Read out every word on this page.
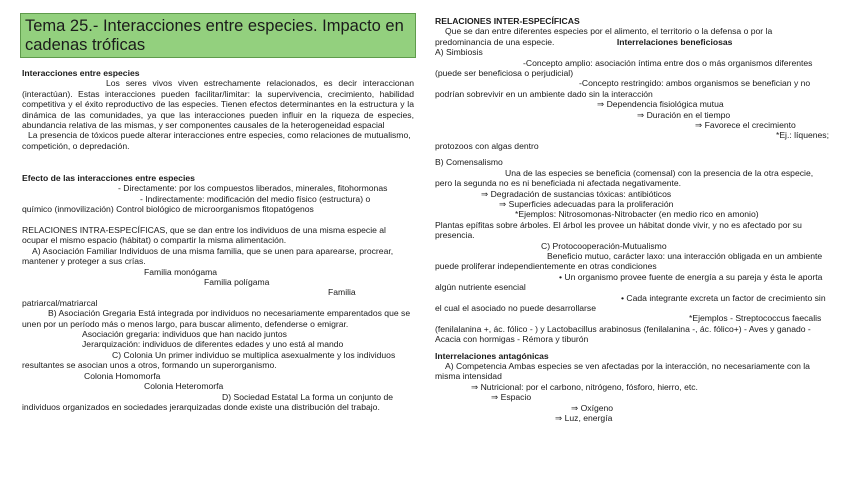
Tema 25.- Interacciones entre especies. Impacto en cadenas tróficas

Interacciones entre especies

Los seres vivos viven estrechamente relacionados, es decir interaccionan (interactúan). Estas interacciones pueden facilitar/limitar: la supervivencia, crecimiento, habilidad competitiva y el éxito reproductivo de las especies. Tienen efectos determinantes en la estructura y la dinámica de las comunidades, ya que las interacciones pueden influir en la riqueza de especies, abundancia relativa de las mismas, y ser componentes causales de la heterogeneidad espacial

La presencia de tóxicos puede alterar interacciones entre especies, como relaciones de mutualismo, competición, o depredación.

Efecto de las interacciones entre especies

- Directamente: por los compuestos liberados, minerales, fitohormonas

- Indirectamente: modificación del medio físico (estructura) o

químico (inmovilización) Control biológico de microorganismos fitopatógenos

RELACIONES INTRA-ESPECÍFICAS, que se dan entre los individuos de una misma especie al ocupar el mismo espacio (hábitat) o compartir la misma alimentación.

A) Asociación Familiar Individuos de una misma familia, que se unen para aparearse, procrear, mantener y proteger a sus crías.

Familia monógama

Familia polígama

Familia

patriarcal/matriarcal

B) Asociación Gregaria Está integrada por individuos no necesariamente emparentados que se unen por un período más o menos largo, para buscar alimento, defenderse o emigrar.

Asociación gregaria: individuos que han nacido juntos

Jerarquización: individuos de diferentes edades y uno está al mando

C) Colonia Un primer individuo se multiplica asexualmente y los individuos resultantes se asocian unos a otros, formando un superorganismo.

Colonia Homomorfa

Colonia Heteromorfa

D) Sociedad Estatal La forma un conjunto de individuos organizados en sociedades jerarquizadas donde existe una distribución del trabajo.

RELACIONES INTER-ESPECÍFICAS

Que se dan entre diferentes especies por el alimento, el territorio o la defensa o por la predominancia de una especie.	Interrelaciones beneficiosas

A) Simbiosis

-Concepto amplio: asociación íntima entre dos o más organismos diferentes (puede ser beneficiosa o perjudicial)

-Concepto restringido: ambos organismos se benefician y no podrían sobrevivir en un ambiente dado sin la interacción

⇒ Dependencia fisiológica mutua

⇒ Duración en el tiempo

⇒ Favorece el crecimiento

*Ej.: líquenes;

protozoos con algas dentro

B) Comensalismo

Una de las especies se beneficia (comensal) con la presencia de la otra especie, pero la segunda no es ni beneficiada ni afectada negativamente.

⇒ Degradación de sustancias tóxicas: antibióticos

⇒ Superficies adecuadas para la proliferación

*Ejemplos: Nitrosomonas-Nitrobacter (en medio rico en amonio)

Plantas epífitas sobre árboles. El árbol les provee un hábitat donde vivir, y no es afectado por su presencia.

C) Protocooperación-Mutualismo

Beneficio mutuo, carácter laxo: una interacción obligada en un ambiente puede proliferar independientemente en otras condiciones

• Un organismo provee fuente de energía a su pareja y ésta le aporta algún nutriente esencial

• Cada integrante excreta un factor de crecimiento sin el cual el asociado no puede desarrollarse

*Ejemplos - Streptococcus faecalis (fenilalanina +, ác. fólico - ) y Lactobacillus arabinosus (fenilalanina -, ác. fólico+) - Aves y ganado - Acacia con hormigas - Rémora y tiburón

Interrelaciones antagónicas

A) Competencia Ambas especies se ven afectadas por la interacción, no necesariamente con la misma intensidad

⇒ Nutricional: por el carbono, nitrógeno, fósforo, hierro, etc.

⇒ Espacio

⇒ Oxígeno

⇒ Luz, energía
